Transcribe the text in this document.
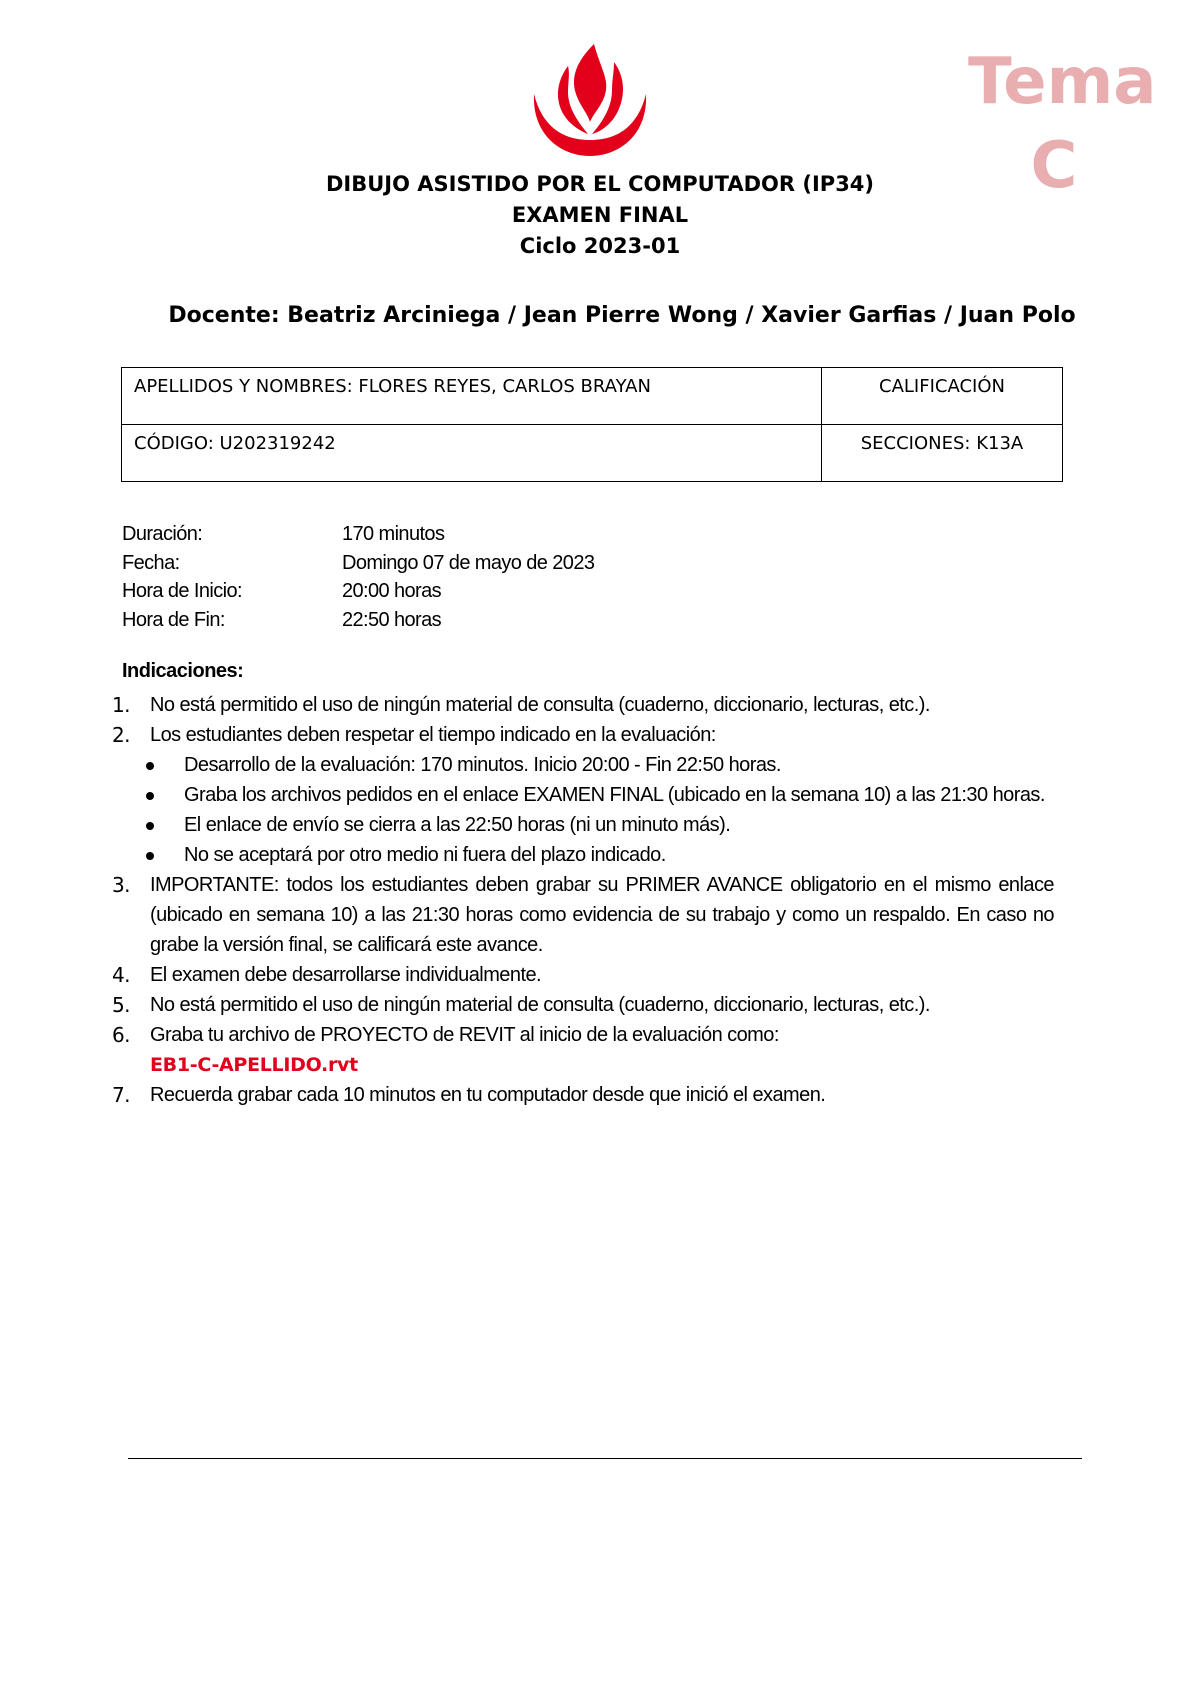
Tema
C
DIBUJO ASISTIDO POR EL COMPUTADOR (IP34)
EXAMEN FINAL
Ciclo 2023-01
Docente: Beatriz Arciniega / Jean Pierre Wong / Xavier Garfias / Juan Polo
APELLIDOS Y NOMBRES: FLORES REYES, CARLOS BRAYAN	CALIFICACIÓN
CÓDIGO: U202319242	SECCIONES: K13A
Duración:	170 minutos
Fecha:	Domingo 07 de mayo de 2023
Hora de Inicio:	20:00 horas
Hora de Fin:	22:50 horas
Indicaciones:
1. No está permitido el uso de ningún material de consulta (cuaderno, diccionario, lecturas, etc.).
2. Los estudiantes deben respetar el tiempo indicado en la evaluación:
Desarrollo de la evaluación: 170 minutos. Inicio 20:00 - Fin 22:50 horas.
Graba los archivos pedidos en el enlace EXAMEN FINAL (ubicado en la semana 10) a las 21:30 horas.
El enlace de envío se cierra a las 22:50 horas (ni un minuto más).
No se aceptará por otro medio ni fuera del plazo indicado.
3. IMPORTANTE: todos los estudiantes deben grabar su PRIMER AVANCE obligatorio en el mismo enlace (ubicado en semana 10) a las 21:30 horas como evidencia de su trabajo y como un respaldo. En caso no grabe la versión final, se calificará este avance.
4. El examen debe desarrollarse individualmente.
5. No está permitido el uso de ningún material de consulta (cuaderno, diccionario, lecturas, etc.).
6. Graba tu archivo de PROYECTO de REVIT al inicio de la evaluación como:
EB1-C-APELLIDO.rvt
7. Recuerda grabar cada 10 minutos en tu computador desde que inició el examen.
